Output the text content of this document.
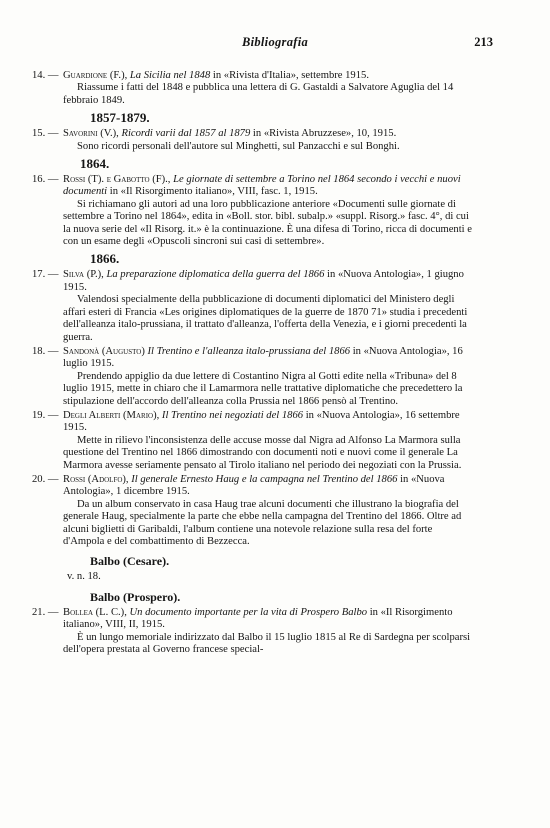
Bibliografia	213
14. — Guardione (F.), La Sicilia nel 1848 in «Rivista d'Italia», settembre 1915.
Riassume i fatti del 1848 e pubblica una lettera di G. Gastaldi a Salvatore Aguglia del 14 febbraio 1849.
1857-1879.
15. — Savorini (V.), Ricordi varii dal 1857 al 1879 in «Rivista Abruzzese», 10, 1915.
Sono ricordi personali dell'autore sul Minghetti, sul Panzacchi e sul Bonghi.
1864.
16. — Rossi (T). e Gabotto (F)., Le giornate di settembre a Torino nel 1864 secondo i vecchi e nuovi documenti in «Il Risorgimento italiano», VIII, fasc. 1, 1915.
Si richiamano gli autori ad una loro pubblicazione anteriore «Documenti sulle giornate di settembre a Torino nel 1864», edita in «Boll. stor. bibl. subalp.» «suppl. Risorg.» fasc. 4°, di cui la nuova serie del «Il Risorg. it.» è la continuazione. È una difesa di Torino, ricca di documenti e con un esame degli «Opuscoli sincroni sui casi di settembre».
1866.
17. — Silva (P.), La preparazione diplomatica della guerra del 1866 in «Nuova Antologia», 1 giugno 1915.
Valendosi specialmente della pubblicazione di documenti diplomatici del Ministero degli affari esteri di Francia «Les origines diplomatiques de la guerre de 1870 71» studia i precedenti dell'alleanza italo-prussiana, il trattato d'alleanza, l'offerta della Venezia, e i giorni precedenti la guerra.
18. — Sandonà (Augusto) Il Trentino e l'alleanza italo-prussiana del 1866 in «Nuova Antologia», 16 luglio 1915.
Prendendo appiglio da due lettere di Costantino Nigra al Gotti edite nella «Tribuna» del 8 luglio 1915, mette in chiaro che il Lamarmora nelle trattative diplomatiche che precedettero la stipulazione dell'accordo dell'alleanza colla Prussia nel 1866 pensò al Trentino.
19. — Degli Alberti (Mario), Il Trentino nei negoziati del 1866 in «Nuova Antologia», 16 settembre 1915.
Mette in rilievo l'inconsistenza delle accuse mosse dal Nigra ad Alfonso La Marmora sulla questione del Trentino nel 1866 dimostrando con documenti noti e nuovi come il generale La Marmora avesse seriamente pensato al Tirolo italiano nel periodo dei negoziati con la Prussia.
20. — Rossi (Adolfo), Il generale Ernesto Haug e la campagna nel Trentino del 1866 in «Nuova Antologia», 1 dicembre 1915.
Da un album conservato in casa Haug trae alcuni documenti che illustrano la biografia del generale Haug, specialmente la parte che ebbe nella campagna del Trentino del 1866. Oltre ad alcuni biglietti di Garibaldi, l'album contiene una notevole relazione sulla resa del forte d'Ampola e del combattimento di Bezzecca.
Balbo (Cesare).
v. n. 18.
Balbo (Prospero).
21. — Bollea (L. C.), Un documento importante per la vita di Prospero Balbo in «Il Risorgimento italiano», VIII, II, 1915.
È un lungo memoriale indirizzato dal Balbo il 15 luglio 1815 al Re di Sardegna per scolparsi dell'opera prestata al Governo francese special-
